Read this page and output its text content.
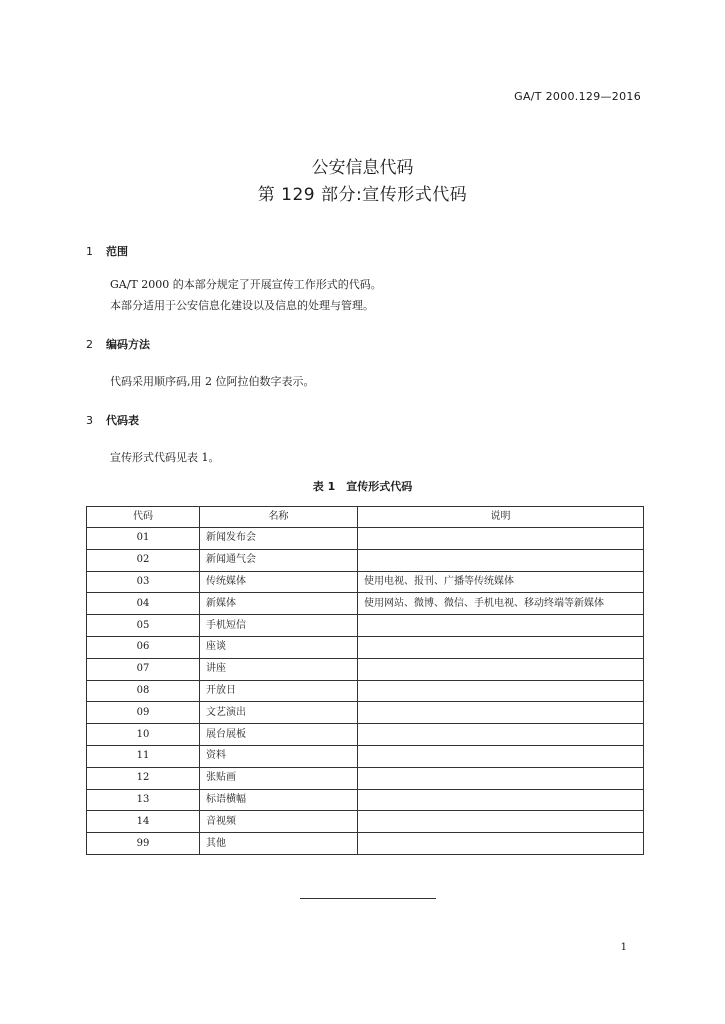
GA/T 2000.129—2016
公安信息代码
第 129 部分:宣传形式代码
1 范围
GA/T 2000 的本部分规定了开展宣传工作形式的代码。
本部分适用于公安信息化建设以及信息的处理与管理。
2 编码方法
代码采用顺序码,用 2 位阿拉伯数字表示。
3 代码表
宣传形式代码见表 1。
表 1　宣传形式代码
代码	名称	说明
01	新闻发布会	
02	新闻通气会	
03	传统媒体	使用电视、报刊、广播等传统媒体
04	新媒体	使用网站、微博、微信、手机电视、移动终端等新媒体
05	手机短信	
06	座谈	
07	讲座	
08	开放日	
09	文艺演出	
10	展台展板	
11	资料	
12	张贴画	
13	标语横幅	
14	音视频	
99	其他	
1
